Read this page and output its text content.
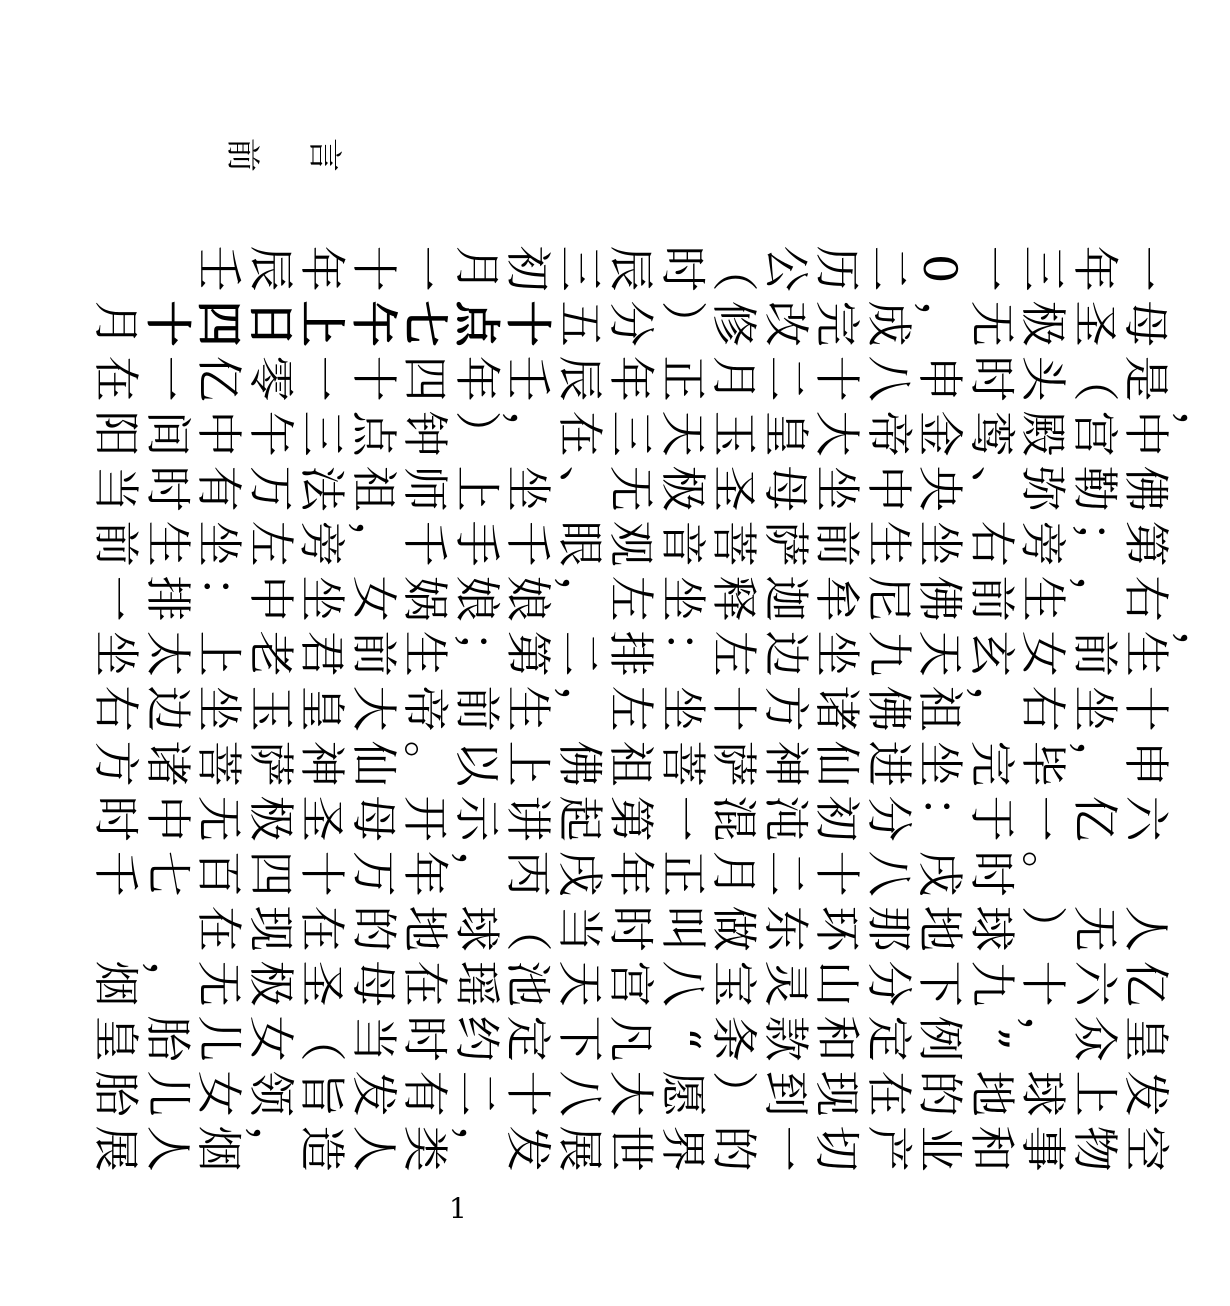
前 言
　　壬辰年十一月初三辰时（公历二0一三年一
月十四日上午七点十五分）修改完成，无极圣母
在一亿零一十四年壬辰年正月二十八申时头（是
阳间中午三点钟），在三天玉皇大帝金鸾殿宫中，
当时有万法祖师上坐、无极圣母坐中央、弥勒佛
前生坐左旁，千手千眼观音菩萨前生坐右旁；第
一排：中坐女娲娘娘，左坐释迦牟尼佛前生，右
坐太上老君前生；第二排：左边坐九天玄女前生，
右边坐玉皇大帝前生，左坐十方诸佛祖，右坐十
方诸菩萨神仙。以上佛祖菩萨神仙进坐完毕，申
时中无极圣母开示讲起第一混沌初分：于一亿六
千七百四十万年，丙戌年正月二十八戌时。
　　在现在的地球（当时叫做东环那地球）无人
烟，无极圣母在瑶池天宫八宝灵山分下九十六亿
皇胎儿女（当时约定下凡“条款和定例”，众皇
胎儿女领旨发有二十八大愿）到现在的地球上发
展人烟，造人类，发展世界的一切产业和事物空
1
